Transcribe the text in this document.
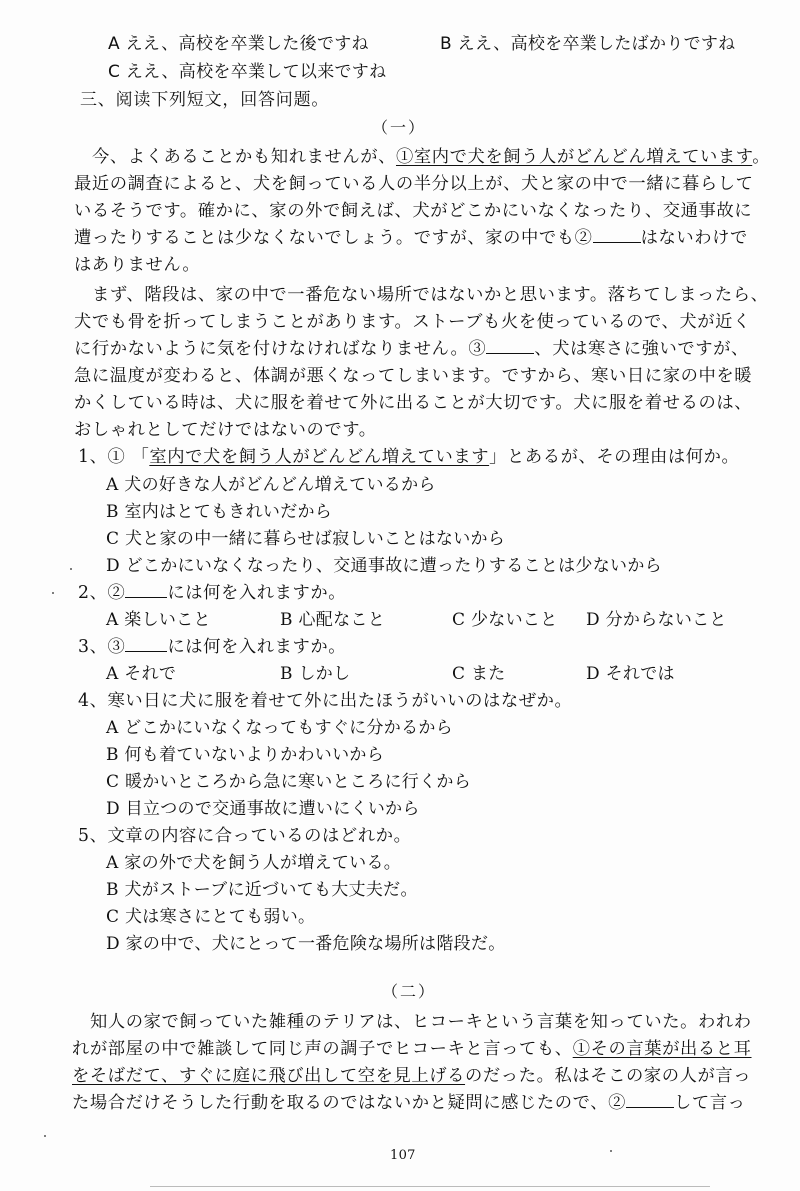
A ええ、高校を卒業した後ですね	B ええ、高校を卒業したばかりですね
C ええ、高校を卒業して以来ですね
三、阅读下列短文，回答问题。
（一）
今、よくあることかも知れませんが、①室内で犬を飼う人がどんどん増えています。
最近の調査によると、犬を飼っている人の半分以上が、犬と家の中で一緒に暮らして
いるそうです。確かに、家の外で飼えば、犬がどこかにいなくなったり、交通事故に
遭ったりすることは少なくないでしょう。ですが、家の中でも②	はないわけで
はありません。
まず、階段は、家の中で一番危ない場所ではないかと思います。落ちてしまったら、
犬でも骨を折ってしまうことがあります。ストーブも火を使っているので、犬が近く
に行かないように気を付けなければなりません。③	、犬は寒さに強いですが、
急に温度が変わると、体調が悪くなってしまいます。ですから、寒い日に家の中を暖
かくしている時は、犬に服を着せて外に出ることが大切です。犬に服を着せるのは、
おしゃれとしてだけではないのです。
1、① 「室内で犬を飼う人がどんどん増えています」とあるが、その理由は何か。
A 犬の好きな人がどんどん増えているから
B 室内はとてもきれいだから
C 犬と家の中一緒に暮らせば寂しいことはないから
D どこかにいなくなったり、交通事故に遭ったりすることは少ないから
2、② には何を入れますか。
A 楽しいこと	B 心配なこと	C 少ないこと D 分からないこと
3、③ には何を入れますか。
A それで	B しかし	C また	D それでは
4、寒い日に犬に服を着せて外に出たほうがいいのはなぜか。
A どこかにいなくなってもすぐに分かるから
B 何も着ていないよりかわいいから
C 暖かいところから急に寒いところに行くから
D 目立つので交通事故に遭いにくいから
5、文章の内容に合っているのはどれか。
A 家の外で犬を飼う人が増えている。
B 犬がストーブに近づいても大丈夫だ。
C 犬は寒さにとても弱い。
D 家の中で、犬にとって一番危険な場所は階段だ。
（二）
知人の家で飼っていた雑種のテリアは、ヒコーキという言葉を知っていた。われわ
れが部屋の中で雑談して同じ声の調子でヒコーキと言っても、①その言葉が出ると耳
をそばだて、すぐに庭に飛び出して空を見上げるのだった。私はそこの家の人が言っ
た場合だけそうした行動を取るのではないかと疑問に感じたので、②	して言っ
107
